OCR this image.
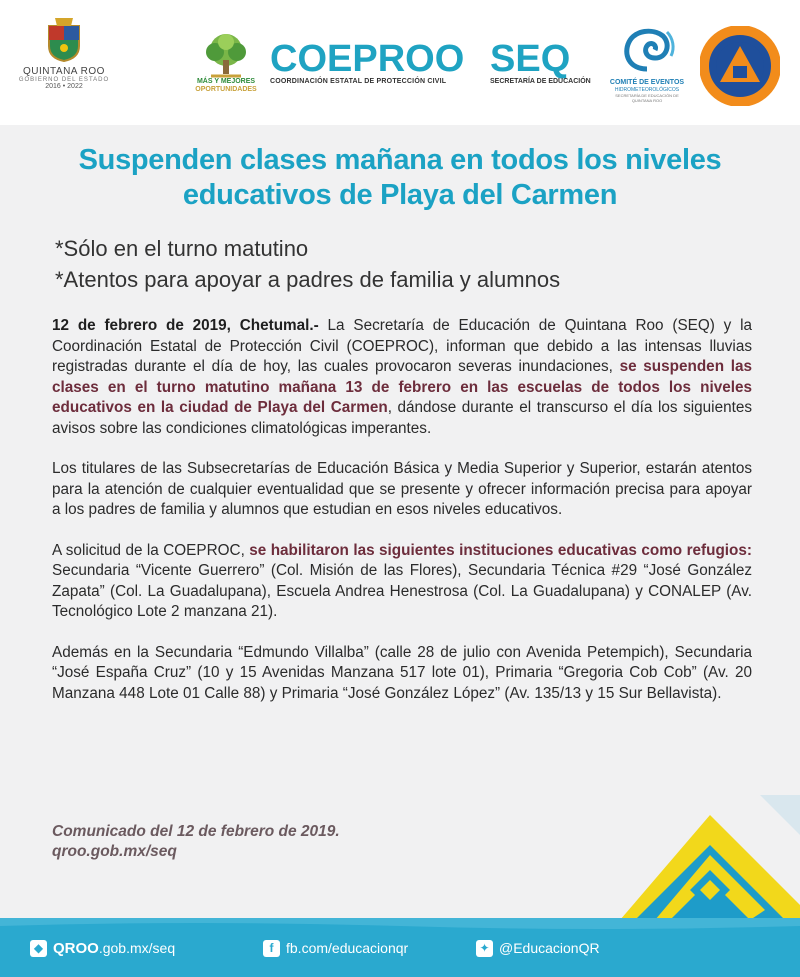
QUINTANA ROO
GOBIERNO DEL ESTADO
2016 • 2022
MÁS Y MEJORES
OPORTUNIDADES
COEPROO
COORDINACIÓN ESTATAL DE PROTECCIÓN CIVIL
SEQ
SECRETARÍA DE EDUCACIÓN	COMITÉ DE EVENTOS
HIDROMETEOROLÓGICOS
SECRETARÍA DE EDUCACIÓN DE QUINTANA ROO
Suspenden clases mañana en todos los niveles
educativos de Playa del Carmen
*Sólo en el turno matutino
*Atentos para apoyar a padres de familia y alumnos

12 de febrero de 2019, Chetumal.- La Secretaría de Educación de Quintana Roo (SEQ) y la Coordinación Estatal de Protección Civil (COEPROC), informan que debido a las intensas lluvias registradas durante el día de hoy, las cuales provocaron severas inundaciones, se suspenden las clases en el turno matutino mañana 13 de febrero en las escuelas de todos los niveles educativos en la ciudad de Playa del Carmen, dándose durante el transcurso el día los siguientes avisos sobre las condiciones climatológicas imperantes.

Los titulares de las Subsecretarías de Educación Básica y Media Superior y Superior, estarán atentos para la atención de cualquier eventualidad que se presente y ofrecer información precisa para apoyar a los padres de familia y alumnos que estudian en esos niveles educativos.

A solicitud de la COEPROC, se habilitaron las siguientes instituciones educativas como refugios: Secundaria “Vicente Guerrero” (Col. Misión de las Flores), Secundaria Técnica #29 “José González Zapata” (Col. La Guadalupana), Escuela Andrea Henestrosa (Col. La Guadalupana) y CONALEP (Av. Tecnológico Lote 2 manzana 21).

Además en la Secundaria “Edmundo Villalba” (calle 28 de julio con Avenida Petempich), Secundaria “José España Cruz” (10 y 15 Avenidas Manzana 517 lote 01), Primaria “Gregoria Cob Cob” (Av. 20 Manzana 448 Lote 01 Calle 88) y Primaria “José González López” (Av. 135/13 y 15 Sur Bellavista).

Comunicado del 12 de febrero de 2019.
qroo.gob.mx/seq
◆ QROO .gob.mx/seq	f fb.com/educacionqr	✦ @EducacionQR
